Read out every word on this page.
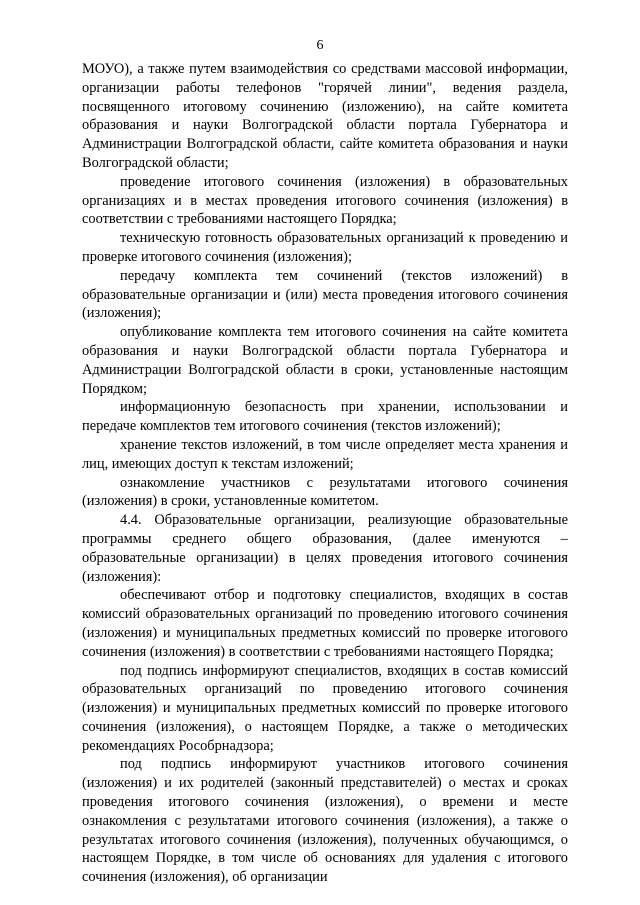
6

МОУО), а также путем взаимодействия со средствами массовой информации, организации работы телефонов "горячей линии", ведения раздела, посвященного итоговому сочинению (изложению), на сайте комитета образования и науки Волгоградской области портала Губернатора и Администрации Волгоградской области, сайте комитета образования и науки Волгоградской области;

проведение итогового сочинения (изложения) в образовательных организациях и в местах проведения итогового сочинения (изложения) в соответствии с требованиями настоящего Порядка;

техническую готовность образовательных организаций к проведению и проверке итогового сочинения (изложения);

передачу комплекта тем сочинений (текстов изложений) в образовательные организации и (или) места проведения итогового сочинения (изложения);

опубликование комплекта тем итогового сочинения на сайте комитета образования и науки Волгоградской области портала Губернатора и Администрации Волгоградской области в сроки, установленные настоящим Порядком;

информационную безопасность при хранении, использовании и передаче комплектов тем итогового сочинения (текстов изложений);

хранение текстов изложений, в том числе определяет места хранения и лиц, имеющих доступ к текстам изложений;

ознакомление участников с результатами итогового сочинения (изложения) в сроки, установленные комитетом.

4.4. Образовательные организации, реализующие образовательные программы среднего общего образования, (далее именуются – образовательные организации) в целях проведения итогового сочинения (изложения):

обеспечивают отбор и подготовку специалистов, входящих в состав комиссий образовательных организаций по проведению итогового сочинения (изложения) и муниципальных предметных комиссий по проверке итогового сочинения (изложения) в соответствии с требованиями настоящего Порядка;

под подпись информируют специалистов, входящих в состав комиссий образовательных организаций по проведению итогового сочинения (изложения) и муниципальных предметных комиссий по проверке итогового сочинения (изложения), о настоящем Порядке, а также о методических рекомендациях Рособрнадзора;

под подпись информируют участников итогового сочинения (изложения) и их родителей (законный представителей) о местах и сроках проведения итогового сочинения (изложения), о времени и месте ознакомления с результатами итогового сочинения (изложения), а также о результатах итогового сочинения (изложения), полученных обучающимся, о настоящем Порядке, в том числе об основаниях для удаления с итогового сочинения (изложения), об организации
